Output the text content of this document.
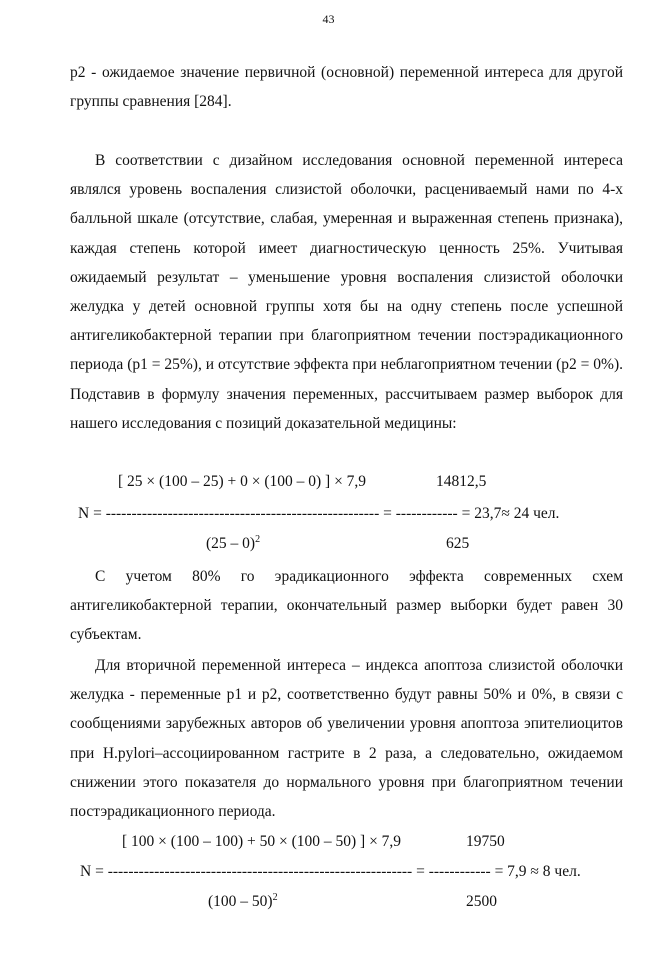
43

p2 - ожидаемое значение первичной (основной) переменной интереса для другой группы сравнения [284].

В соответствии с дизайном исследования основной переменной интереса являлся уровень воспаления слизистой оболочки, расцениваемый нами по 4-х балльной шкале (отсутствие, слабая, умеренная и выраженная степень признака), каждая степень которой имеет диагностическую ценность 25%. Учитывая ожидаемый результат – уменьшение уровня воспаления слизистой оболочки желудка у детей основной группы хотя бы на одну степень после успешной антигеликобактерной терапии при благоприятном течении постэрадикационного периода (p1 = 25%), и отсутствие эффекта при неблагоприятном течении (p2 = 0%). Подставив в формулу значения переменных, рассчитываем размер выборок для нашего исследования с позиций доказательной медицины:

[ 25 × (100 – 25) + 0 × (100 – 0) ] × 7,9	14812,5
N = ----------------------------------------------------- = ------------ = 23,7≈ 24 чел.
(25 – 0)$^2$	625

С учетом 80% го эрадикационного эффекта современных схем антигеликобактерной терапии, окончательный размер выборки будет равен 30 субъектам.

Для вторичной переменной интереса – индекса апоптоза слизистой оболочки желудка - переменные p1 и p2, соответственно будут равны 50% и 0%, в связи с сообщениями зарубежных авторов об увеличении уровня апоптоза эпителиоцитов при H.pylori–ассоциированном гастрите в 2 раза, а следовательно, ожидаемом снижении этого показателя до нормального уровня при благоприятном течении постэрадикационного периода.

[ 100 × (100 – 100) + 50 × (100 – 50) ] × 7,9	19750
N = ----------------------------------------------------------- = ------------ = 7,9 ≈ 8 чел.
(100 – 50)$^2$	2500
